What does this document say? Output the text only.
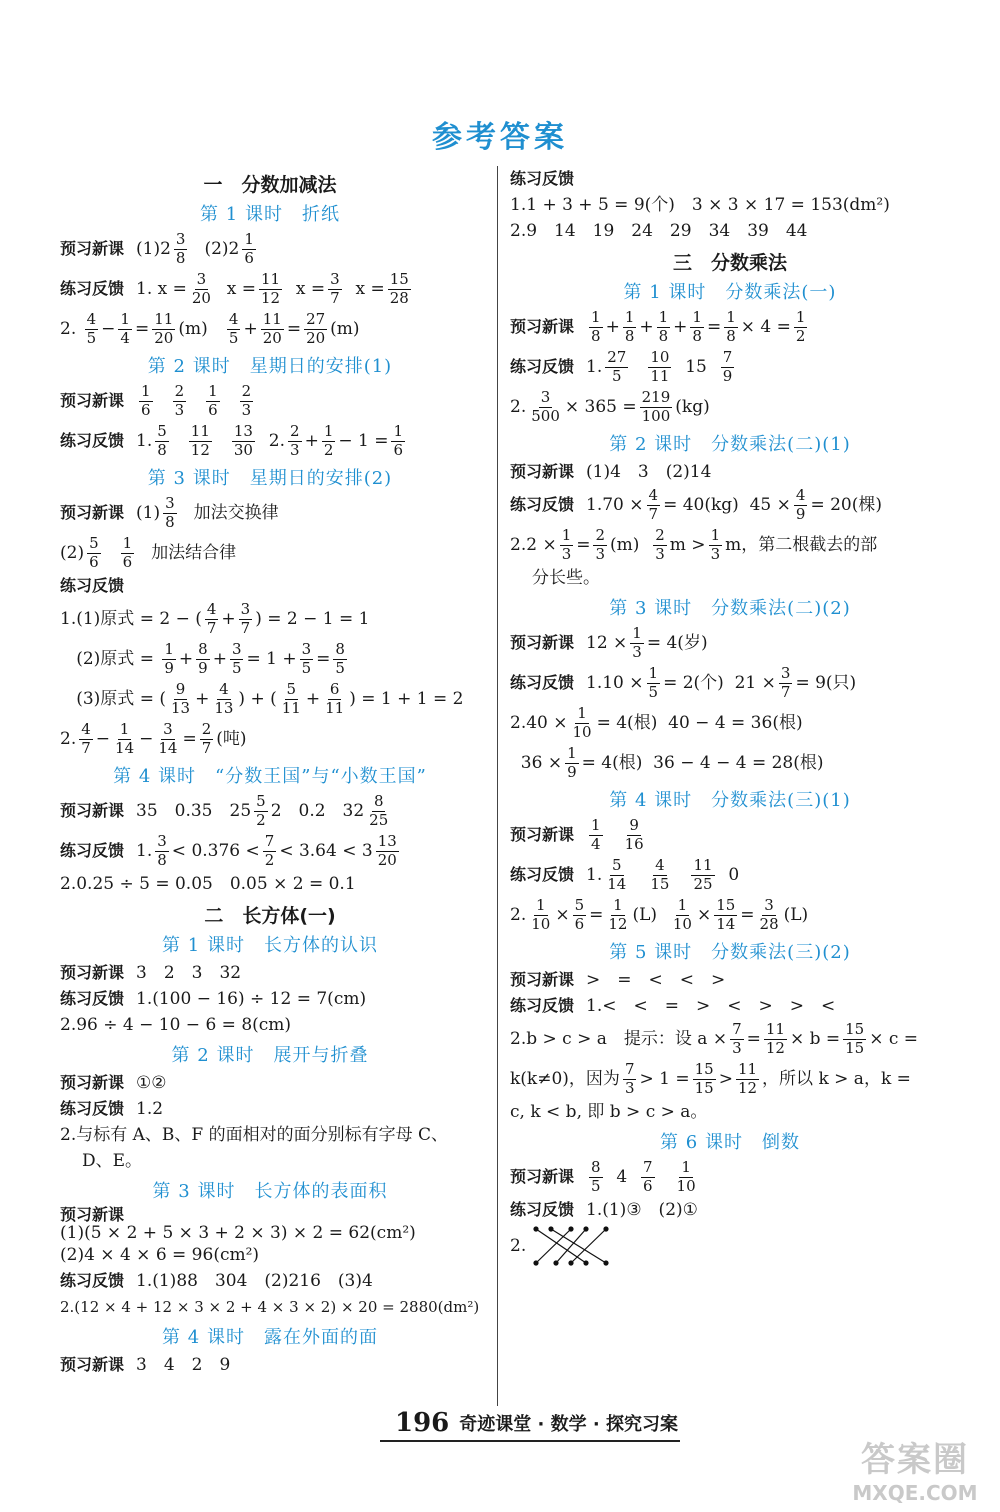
参考答案
一　分数加减法
第 1 课时　折纸
预习新课 $(1)2 \frac{3}{8} (2)2 \frac{1}{6}$
练习反馈 1. $x = \frac{3}{20}$ $x = \frac{11}{12}$ $x = \frac{3}{7}$ $x = \frac{15}{28}$
2. $\frac{4}{5} - \frac{1}{4} = \frac{11}{20} (m) \frac{4}{5} + \frac{11}{20} = \frac{27}{20} (m)$
第 2 课时　星期日的安排(1)
预习新课 $\frac{1}{6} \frac{2}{3} \frac{1}{6} \frac{2}{3}$
练习反馈 1. $\frac{5}{8} \frac{11}{12} \frac{13}{30} 2$. $\frac{2}{3} + \frac{1}{2} - 1 = \frac{1}{6}$
第 3 课时　星期日的安排(2)
预习新课 $(1) \frac{3}{8}$ 加法交换律
$(2) \frac{5}{6} \frac{1}{6}$ 加法结合律
练习反馈
1.(1)原式 = 2 − ( $\frac{4}{7} + \frac{3}{7}$ ) = 2 − 1 = 1
(2)原式 = $\frac{1}{9} + \frac{8}{9} + \frac{3}{5} = 1 + \frac{3}{5} = \frac{8}{5}$
(3)原式 = ( $\frac{9}{13} + \frac{4}{13}$ ) + ( $\frac{5}{11} + \frac{6}{11}$ ) = 1 + 1 = 2
2. $\frac{4}{7} - \frac{1}{14} - \frac{3}{14} = \frac{2}{7}$ (吨)
第 4 课时　“分数王国”与“小数王国”
预习新课 35　0.35　$25 \frac{5}{2} 2$　0.2　$32 \frac{8}{25}$
练习反馈 1. $\frac{3}{8} < 0.376 < \frac{7}{2} < 3.64 < 3 \frac{13}{20}$
2.0.25 ÷ 5 = 0.05　0.05 × 2 = 0.1
二　长方体(一)
第 1 课时　长方体的认识
预习新课 3　2　3　32
练习反馈 1.(100 − 16) ÷ 12 = 7(cm)
2.96 ÷ 4 − 10 − 6 = 8(cm)
第 2 课时　展开与折叠
预习新课 ①②
练习反馈 1.2
2.与标有 A、B、F 的面相对的面分别标有字母 C、
D、E。
第 3 课时　长方体的表面积
预习新课
(1)(5 × 2 + 5 × 3 + 2 × 3) × 2 = 62(cm²)
(2)4 × 4 × 6 = 96(cm²)
练习反馈 1.(1)88　304　(2)216　(3)4
2.(12 × 4 + 12 × 3 × 2 + 4 × 3 × 2) × 20 = 2880(dm²)
第 4 课时　露在外面的面
预习新课 3　4　2　9
练习反馈
1.1 + 3 + 5 = 9(个)　3 × 3 × 17 = 153(dm²)
2.9　14　19　24　29　34　39　44
三　分数乘法
第 1 课时　分数乘法(一)
预习新课 $\frac{1}{8} + \frac{1}{8} + \frac{1}{8} + \frac{1}{8} = \frac{1}{8} \times 4 = \frac{1}{2}$
练习反馈 1. $\frac{27}{5} \frac{10}{11} 15 \frac{7}{9}$
2. $\frac{3}{500} \times 365 = \frac{219}{100} (kg)$
第 2 课时　分数乘法(二)(1)
预习新课 (1)4　3　(2)14
练习反馈 $1.70 \times \frac{4}{7} = 40(kg) 45 \times \frac{4}{9} = 20$(棵)
$2.2 \times \frac{1}{3} = \frac{2}{3} (m) \frac{2}{3}$ $m > \frac{1}{3}$ m，第二根截去的部
分长些。
第 3 课时　分数乘法(二)(2)
预习新课 $12 \times \frac{1}{3} = 4$(岁)
练习反馈 $1.10 \times \frac{1}{5} = 2$(个)  $21 \times \frac{3}{7} = 9$(只)
$2.40 \times \frac{1}{10} = 4$(根)  40 − 4 = 36(根)
$36 \times \frac{1}{9} = 4$(根)  36 − 4 − 4 = 28(根)
第 4 课时　分数乘法(三)(1)
预习新课 $\frac{1}{4} \frac{9}{16}$
练习反馈 1. $\frac{5}{14} \frac{4}{15} \frac{11}{25} 0$
2. $\frac{1}{10} \times \frac{5}{6} = \frac{1}{12} (L) \frac{1}{10} \times \frac{15}{14} = \frac{3}{28} (L)$
第 5 课时　分数乘法(三)(2)
预习新课 >　=　<　<　>
练习反馈 1.<　<　=　>　<　>　>　<
2.b > c > a　提示：设 $a \times \frac{7}{3} = \frac{11}{12} \times b = \frac{15}{15} \times c$ =
k(k≠0)，因为 $\frac{7}{3} > 1 = \frac{15}{15} > \frac{11}{12}$ ，所以 k > a，k =
c, k < b, 即 b > c > a。
第 6 课时　倒数
预习新课 $\frac{8}{5} 4 \frac{7}{6} \frac{1}{10}$
练习反馈 1.(1)③　(2)①
2.
196 奇迹课堂 · 数学 · 探究习案
答案圈
MXQE.COM
